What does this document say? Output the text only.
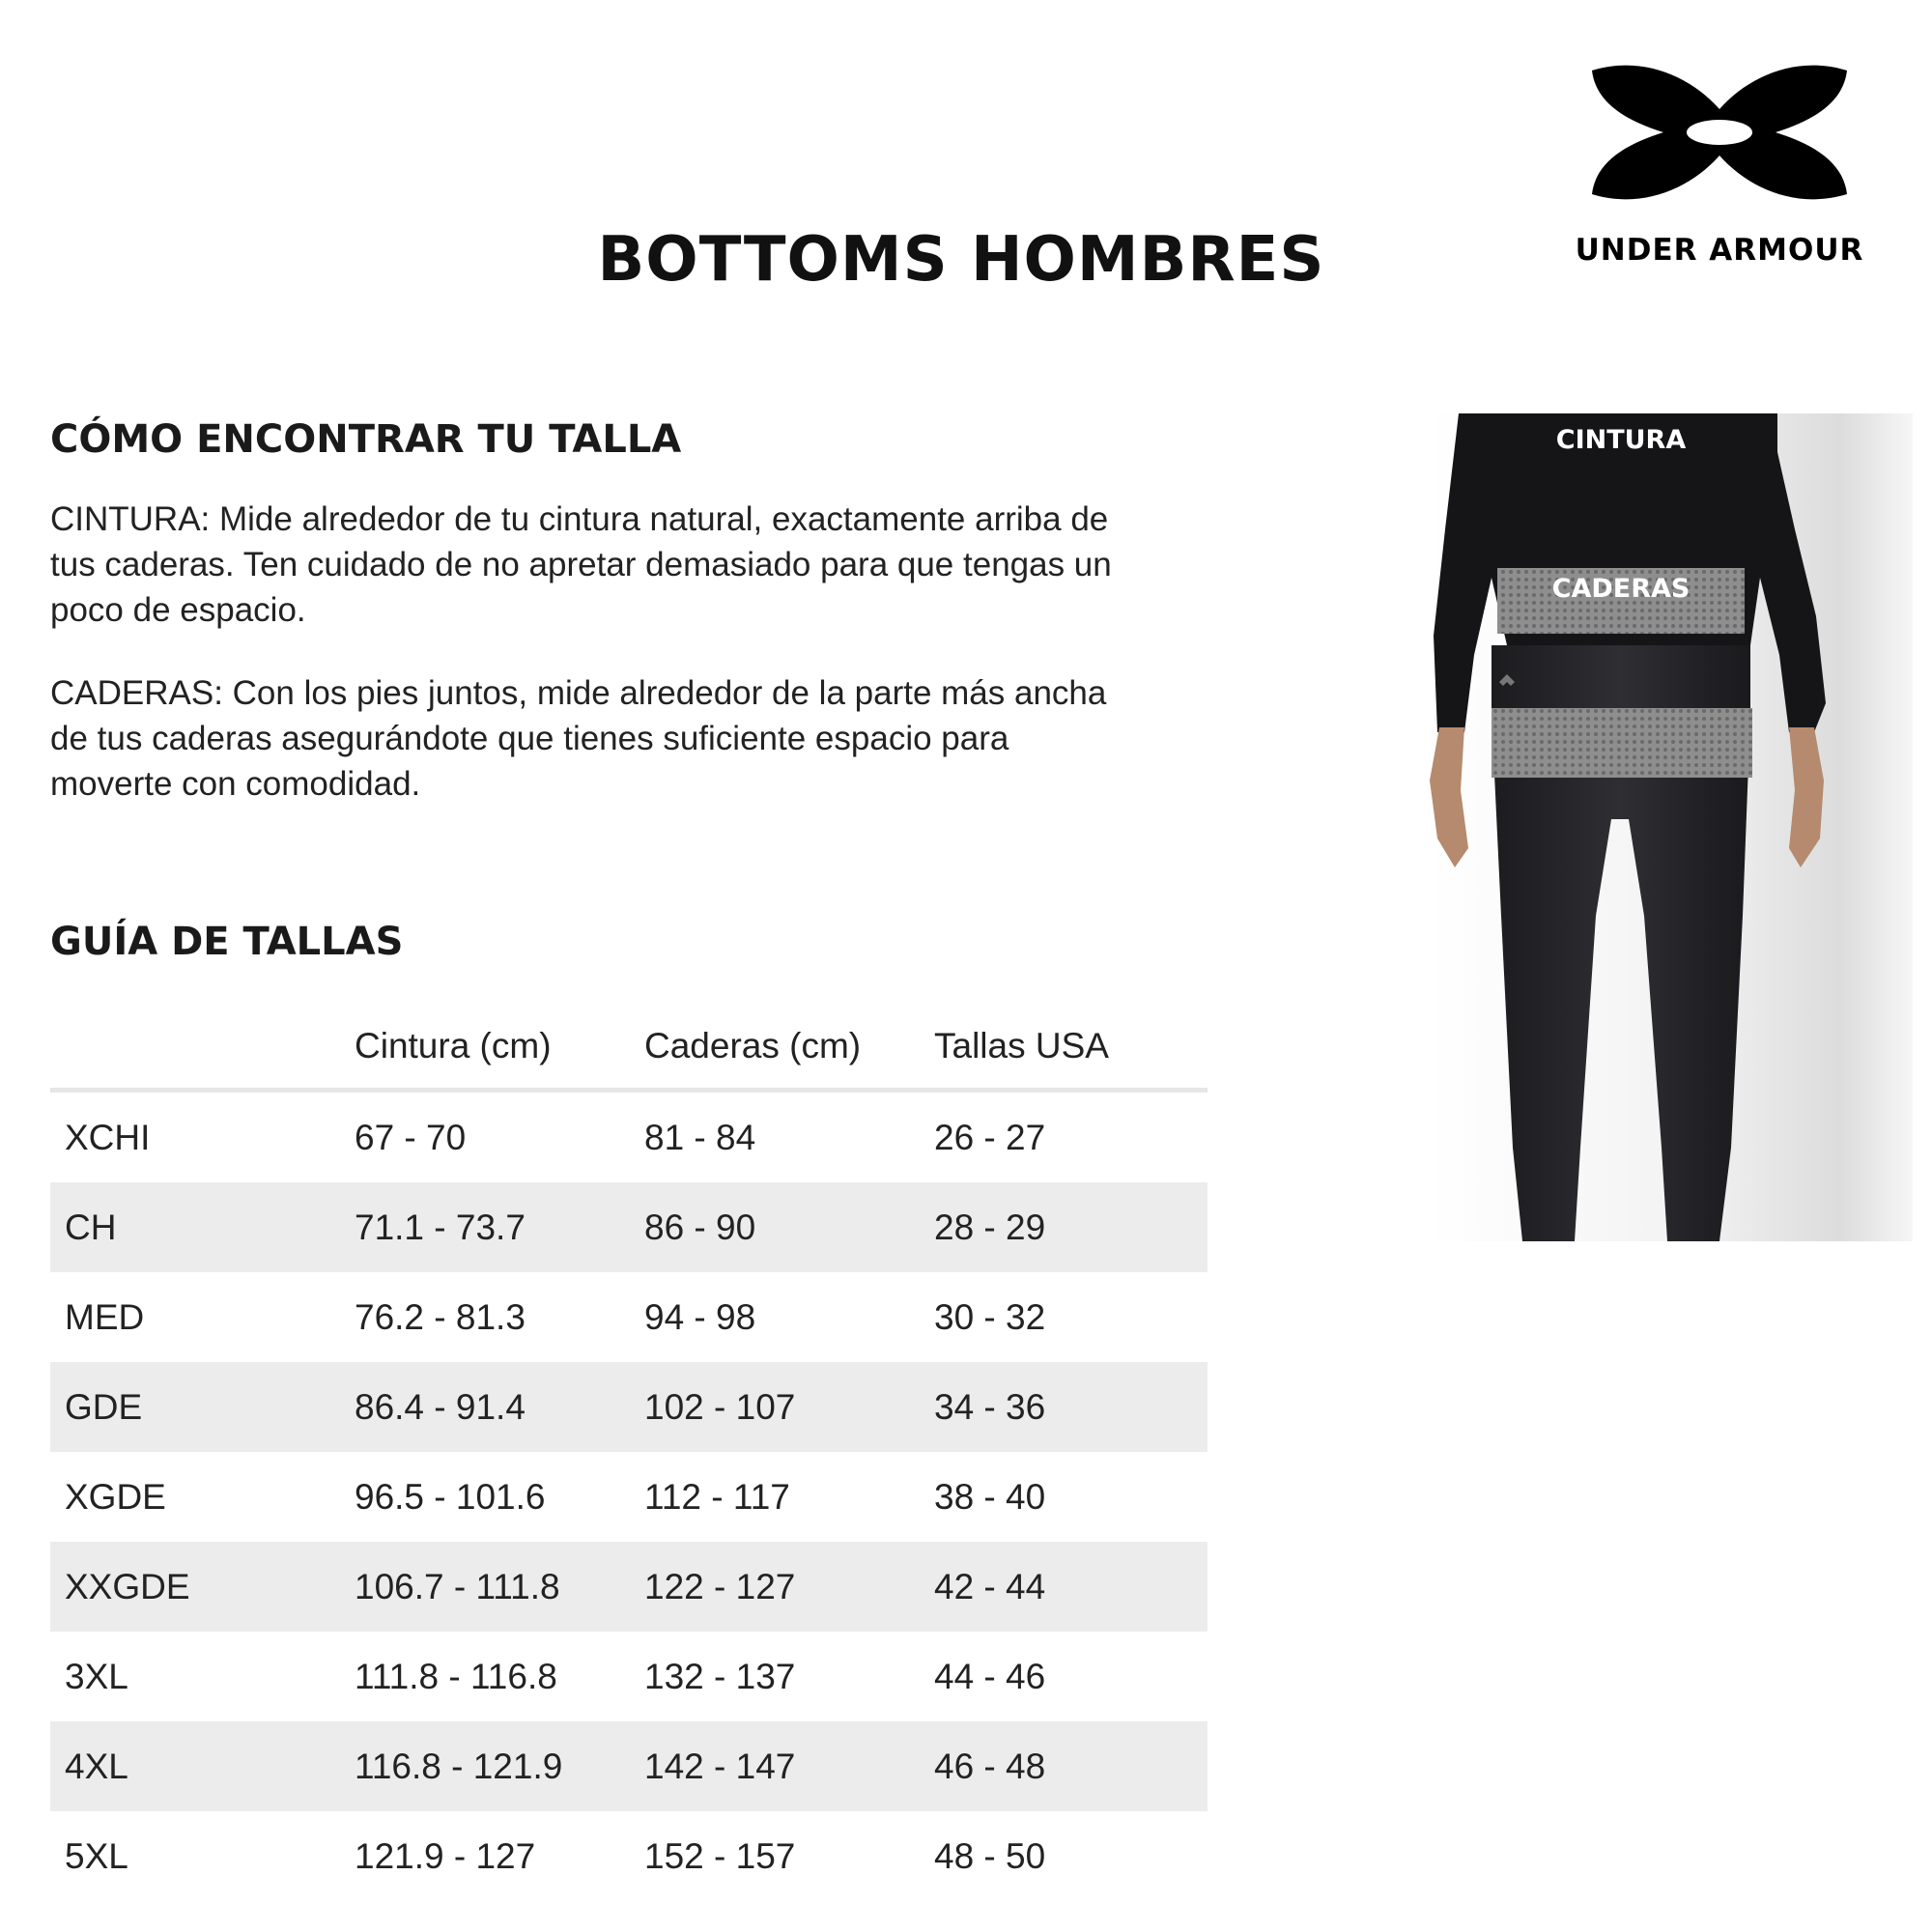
UNDER ARMOUR
BOTTOMS HOMBRES
CÓMO ENCONTRAR TU TALLA
CINTURA: Mide alrededor de tu cintura natural, exactamente arriba de
tus caderas. Ten cuidado de no apretar demasiado para que tengas un
poco de espacio.
CADERAS: Con los pies juntos, mide alrededor de la parte más ancha
de tus caderas asegurándote que tienes suficiente espacio para
moverte con comodidad.
GUÍA DE TALLAS
	Cintura (cm)	Caderas (cm)	Tallas USA
XCHI	67 - 70	81 - 84	26 - 27
CH	71.1 - 73.7	86 - 90	28 - 29
MED	76.2 - 81.3	94 - 98	30 - 32
GDE	86.4 - 91.4	102 - 107	34 - 36
XGDE	96.5 - 101.6	112 - 117	38 - 40
XXGDE	106.7 - 111.8	122 - 127	42 - 44
3XL	111.8 - 116.8	132 - 137	44 - 46
4XL	116.8 - 121.9	142 - 147	46 - 48
5XL	121.9 - 127	152 - 157	48 - 50
CINTURA
CADERAS
